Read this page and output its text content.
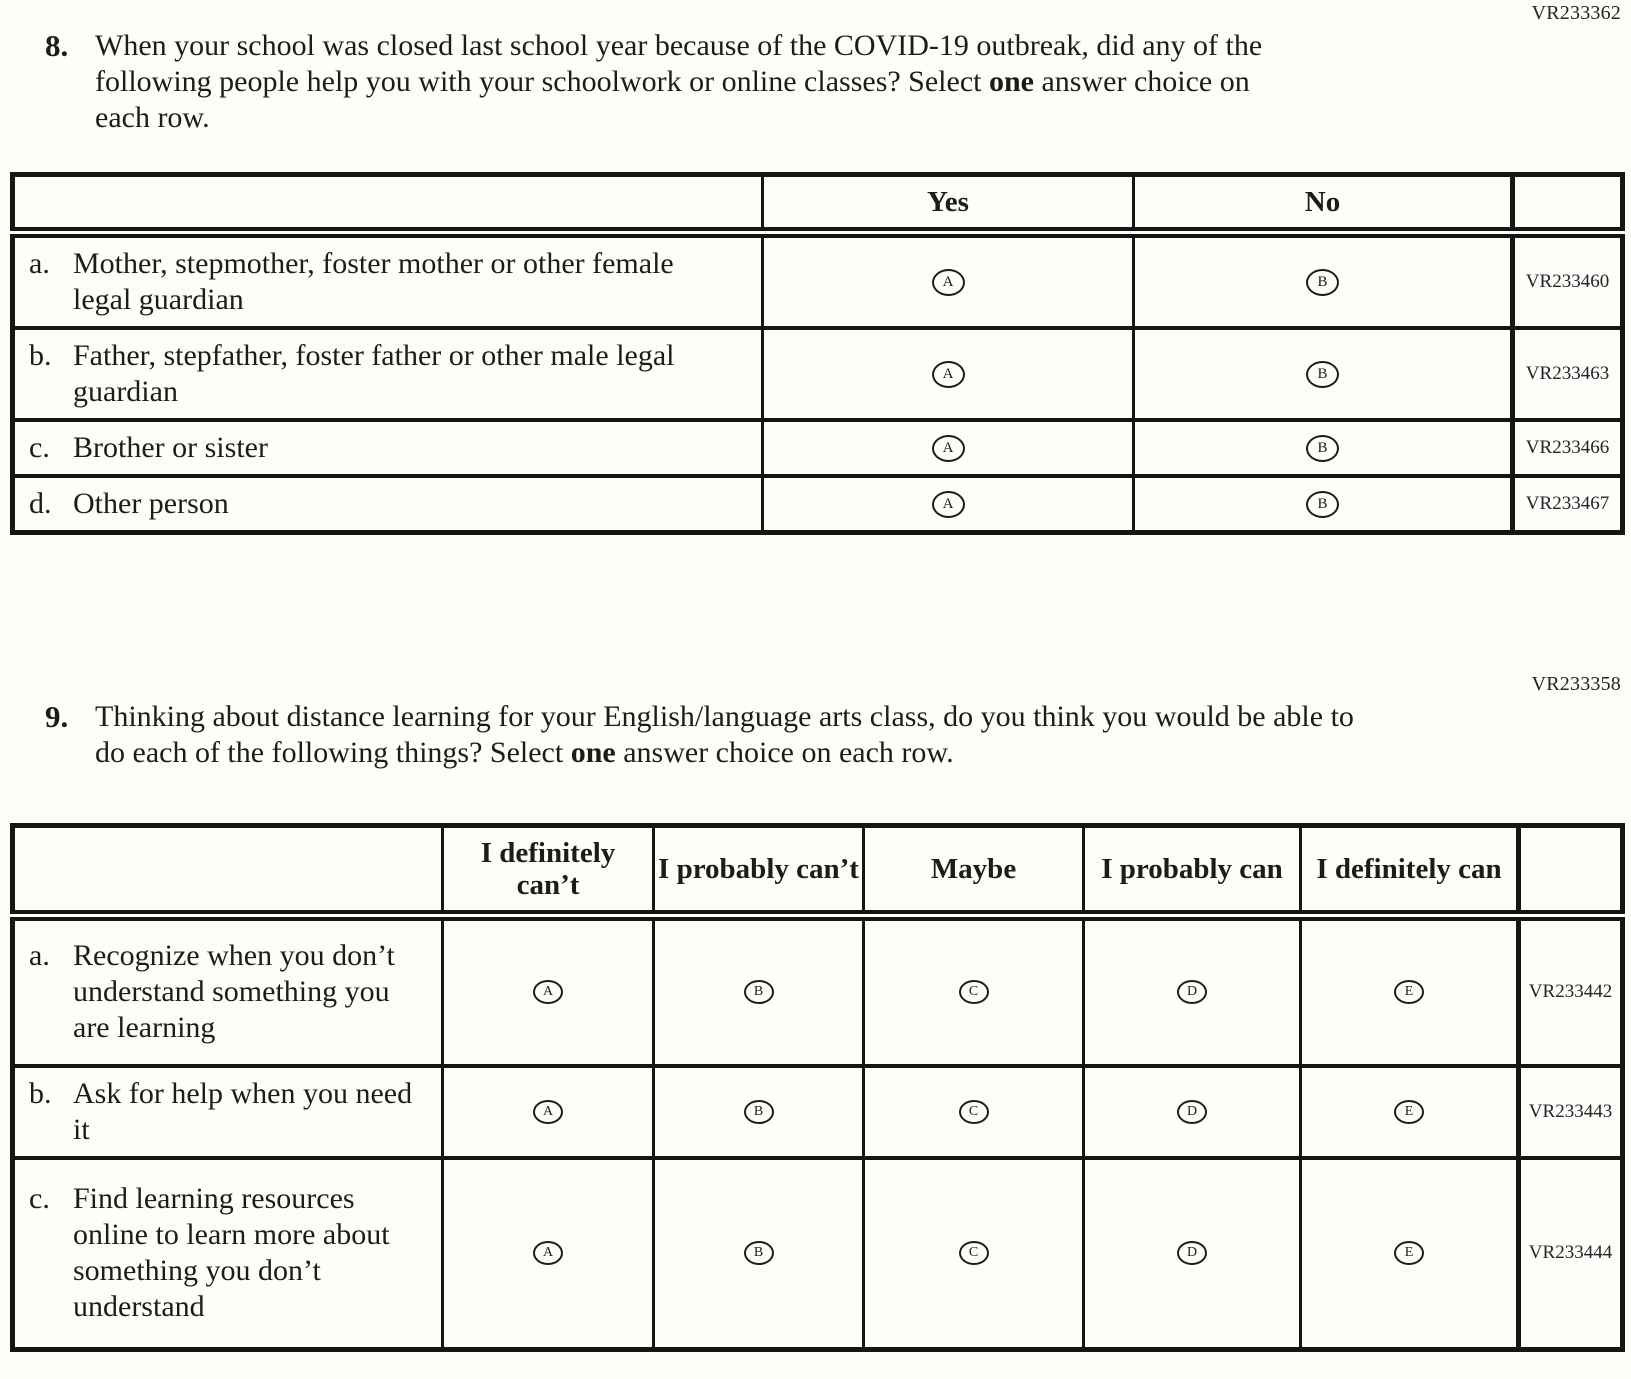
VR233362
8. When your school was closed last school year because of the COVID-19 outbreak, did any of the following people help you with your schoolwork or online classes? Select one answer choice on each row.

	Yes	No	

a. Mother, stepmother, foster mother or other female legal guardian	A	B	VR233460

b. Father, stepfather, foster father or other male legal guardian	A	B	VR233463

c. Brother or sister	A	B	VR233466

d. Other person	A	B	VR233467
VR233358
9. Thinking about distance learning for your English/language arts class, do you think you would be able to do each of the following things? Select one answer choice on each row.

	I definitely can’t	I probably can’t	Maybe	I probably can	I definitely can	

a. Recognize when you don’t understand something you are learning	A	B	C	D	E	VR233442

b. Ask for help when you need it	A	B	C	D	E	VR233443

c. Find learning resources online to learn more about something you don’t understand	A	B	C	D	E	VR233444
